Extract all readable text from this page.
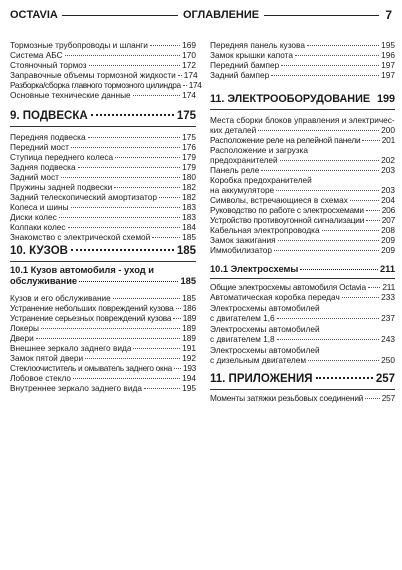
OCTAVIA	ОГЛАВЛЕНИЕ	7
Тормозные трубопроводы и шланги	169
Система АБС	170
Стояночный тормоз	172
Заправочные объемы тормозной жидкости 174
Разборка/сборка главного тормозного цилиндра 174
Основные технические данные	174
9. ПОДВЕСКА	175
Передняя подвеска	175
Передний мост	176
Ступица переднего колеса	179
Задняя подвеска	179
Задний мост	180
Пружины задней подвески	182
Задний телескопический амортизатор	182
Колеса и шины	183
Диски колес	183
Колпаки колес	184
Знакомство с электрической схемой	185
10. КУЗОВ	185
10.1 Кузов автомобиля - уход и
обслуживание	185
Кузов и его обслуживание	185
Устранение небольших повреждений кузова 186
Устранение серьезных повреждений кузова 189
Локеры	189
Двери	189
Внешнее зеркало заднего вида	191
Замок пятой двери	192
Стеклоочиститель и омыватель заднего окна 193
Лобовое стекло	194
Внутреннее зеркало заднего вида	195
Передняя панель кузова	195
Замок крышки капота	196
Передний бампер	197
Задний бампер	197
11. ЭЛЕКТРООБОРУДОВАНИЕ 199
Места сборки блоков управления и электричес-
ких деталей	200
Расположение реле на релейной панели	201
Расположение и загрузка
предохранителей	202
Панель реле	203
Коробка предохранителей
на аккумуляторе	203
Символы, встречающиеся в схемах	204
Руководство по работе с электросхемами 206
Устройство противоугонной сигнализации 207
Кабельная электропроводка	208
Замок зажигания	209
Иммобилизатор	209
10.1 Электросхемы	211
Общие электросхемы автомобиля Octavia 211
Автоматическая коробка передач	233
Электросхемы автомобилей
с двигателем 1,6	237
Электросхемы автомобилей
с двигателем 1,8	243
Электросхемы автомобилей
с дизельным двигателем	250
11. ПРИЛОЖЕНИЯ	257
Моменты затяжки резьбовых соединений 257
